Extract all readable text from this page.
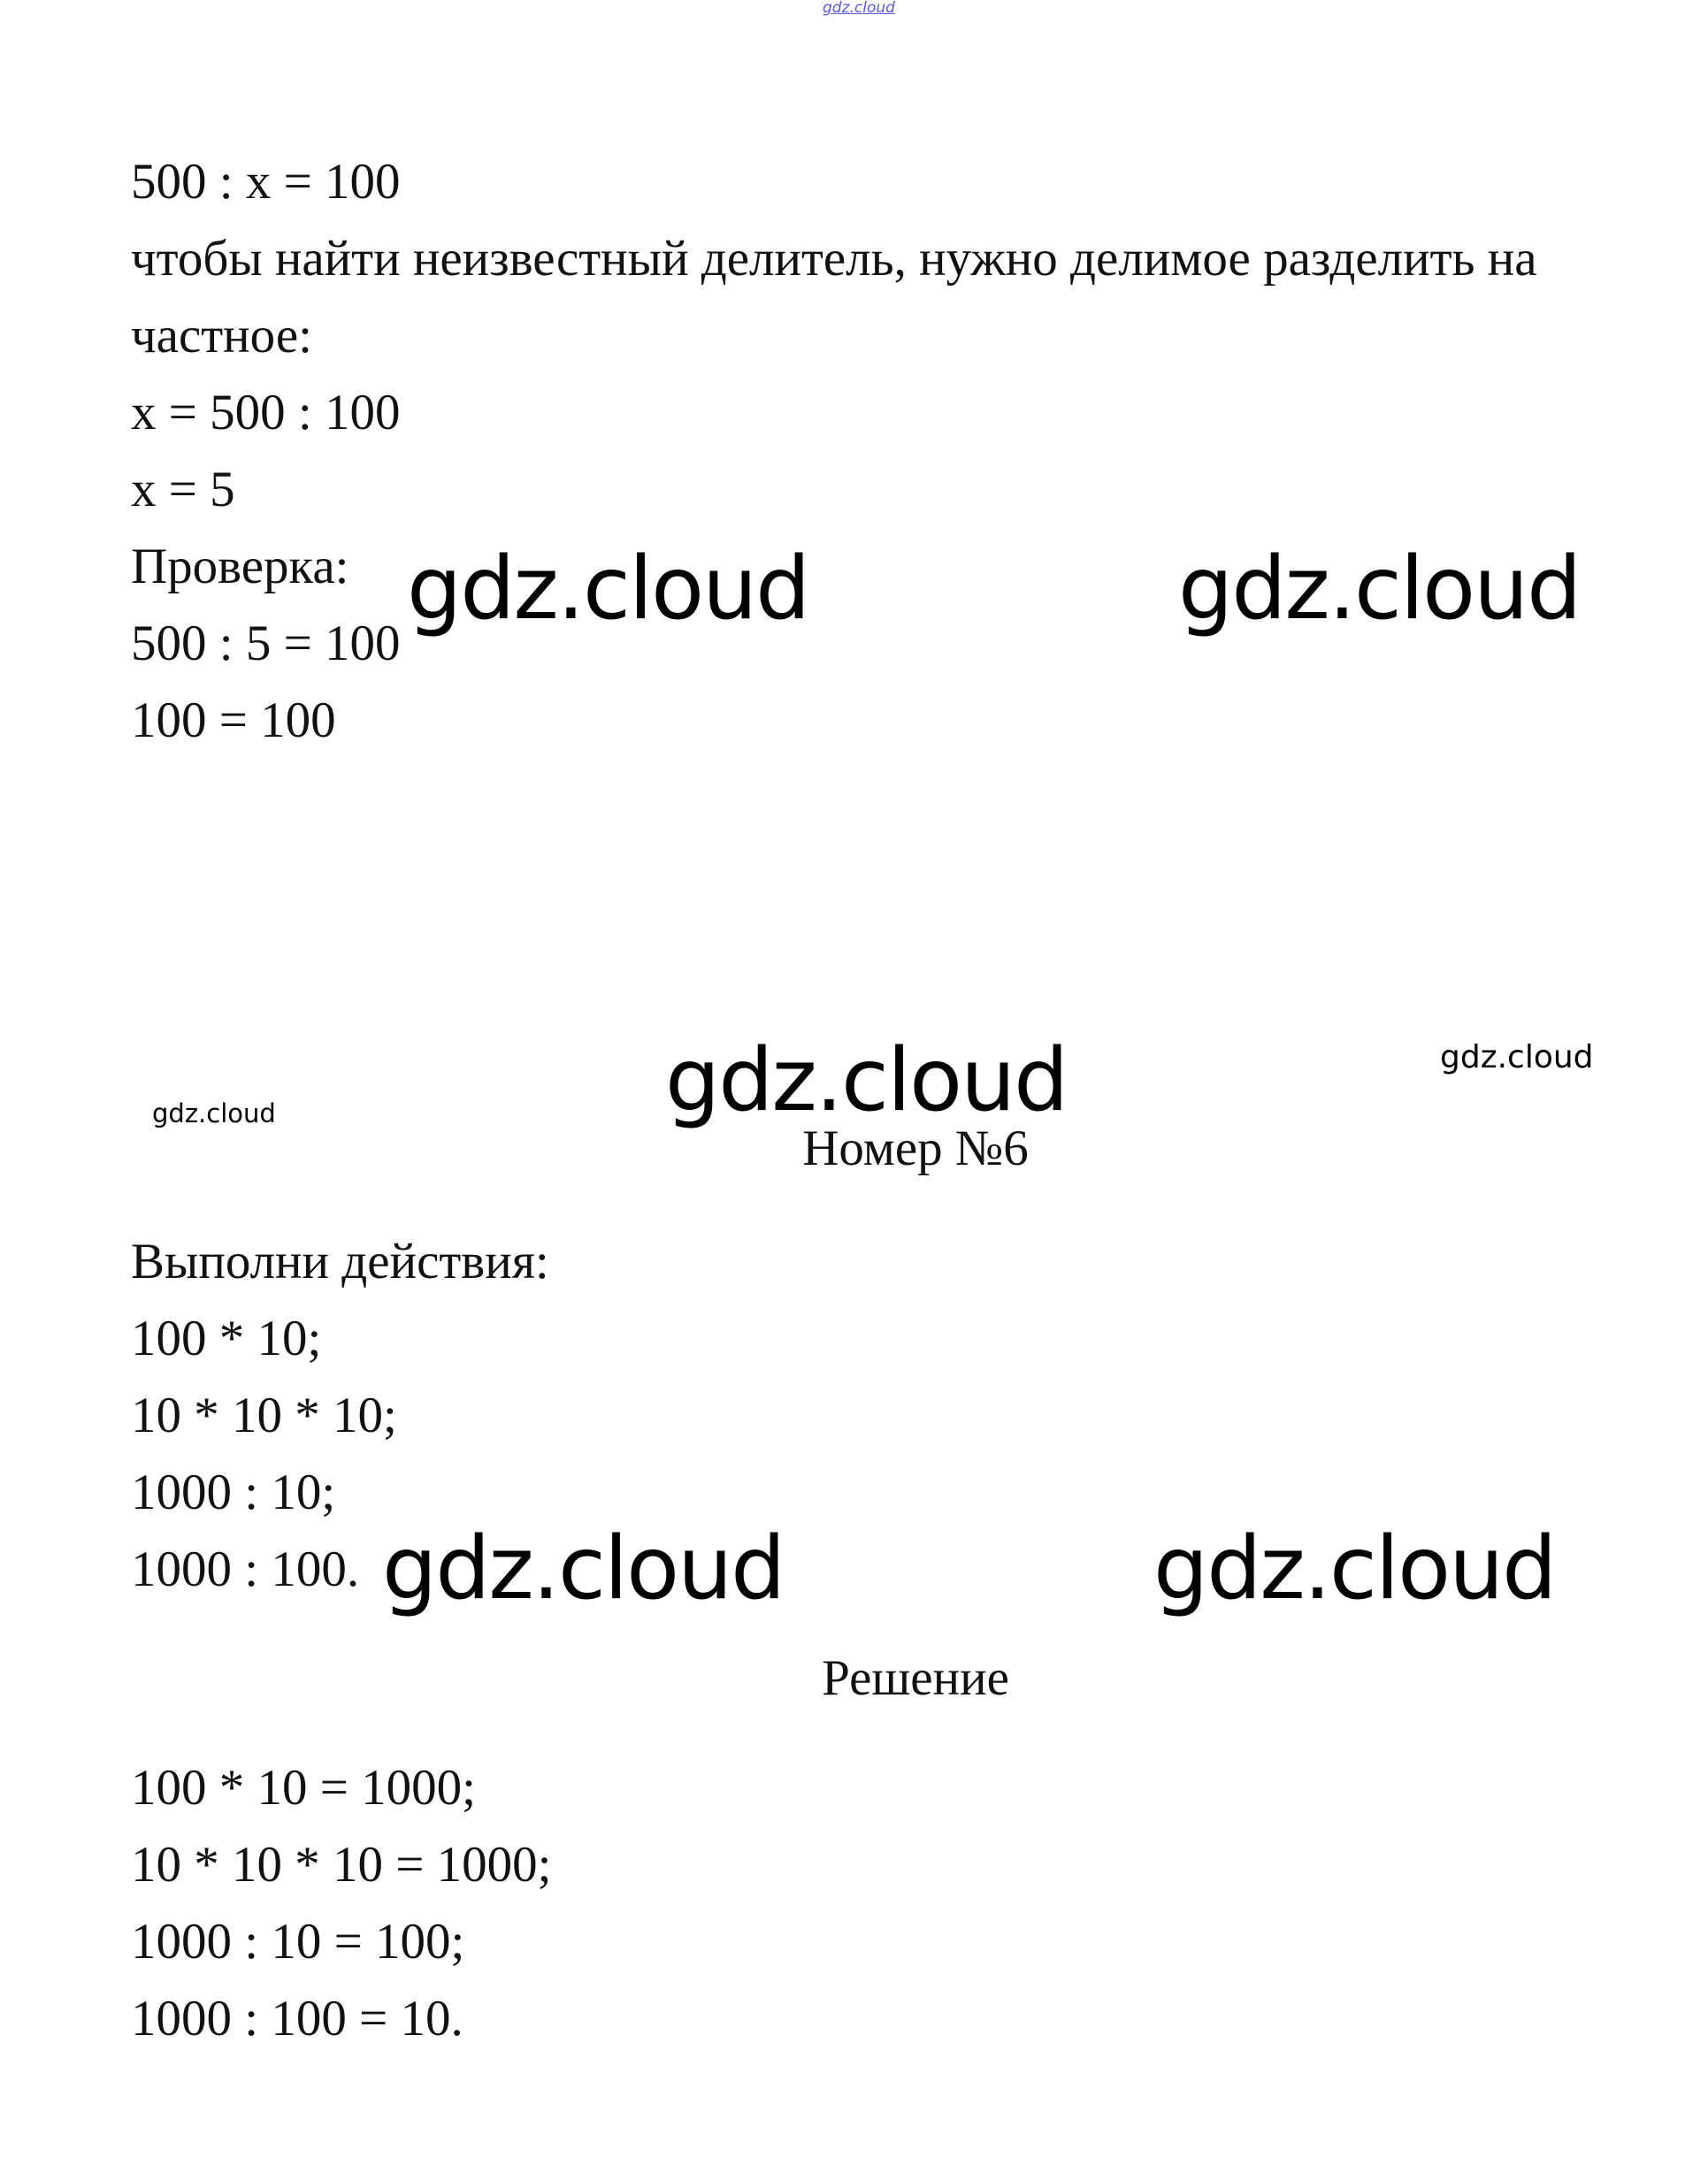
gdz.cloud
500 : x = 100
чтобы найти неизвестный делитель, нужно делимое разделить на
частное:
x = 500 : 100
x = 5
Проверка:
500 : 5 = 100
100 = 100
gdz.cloud	gdz.cloud
gdz.cloud	gdz.cloud
gdz.cloud
Номер №6
Выполни действия:
100 * 10;
10 * 10 * 10;
1000 : 10;
1000 : 100. gdz.cloud	gdz.cloud
Решение
100 * 10 = 1000;
10 * 10 * 10 = 1000;
1000 : 10 = 100;
1000 : 100 = 10.
